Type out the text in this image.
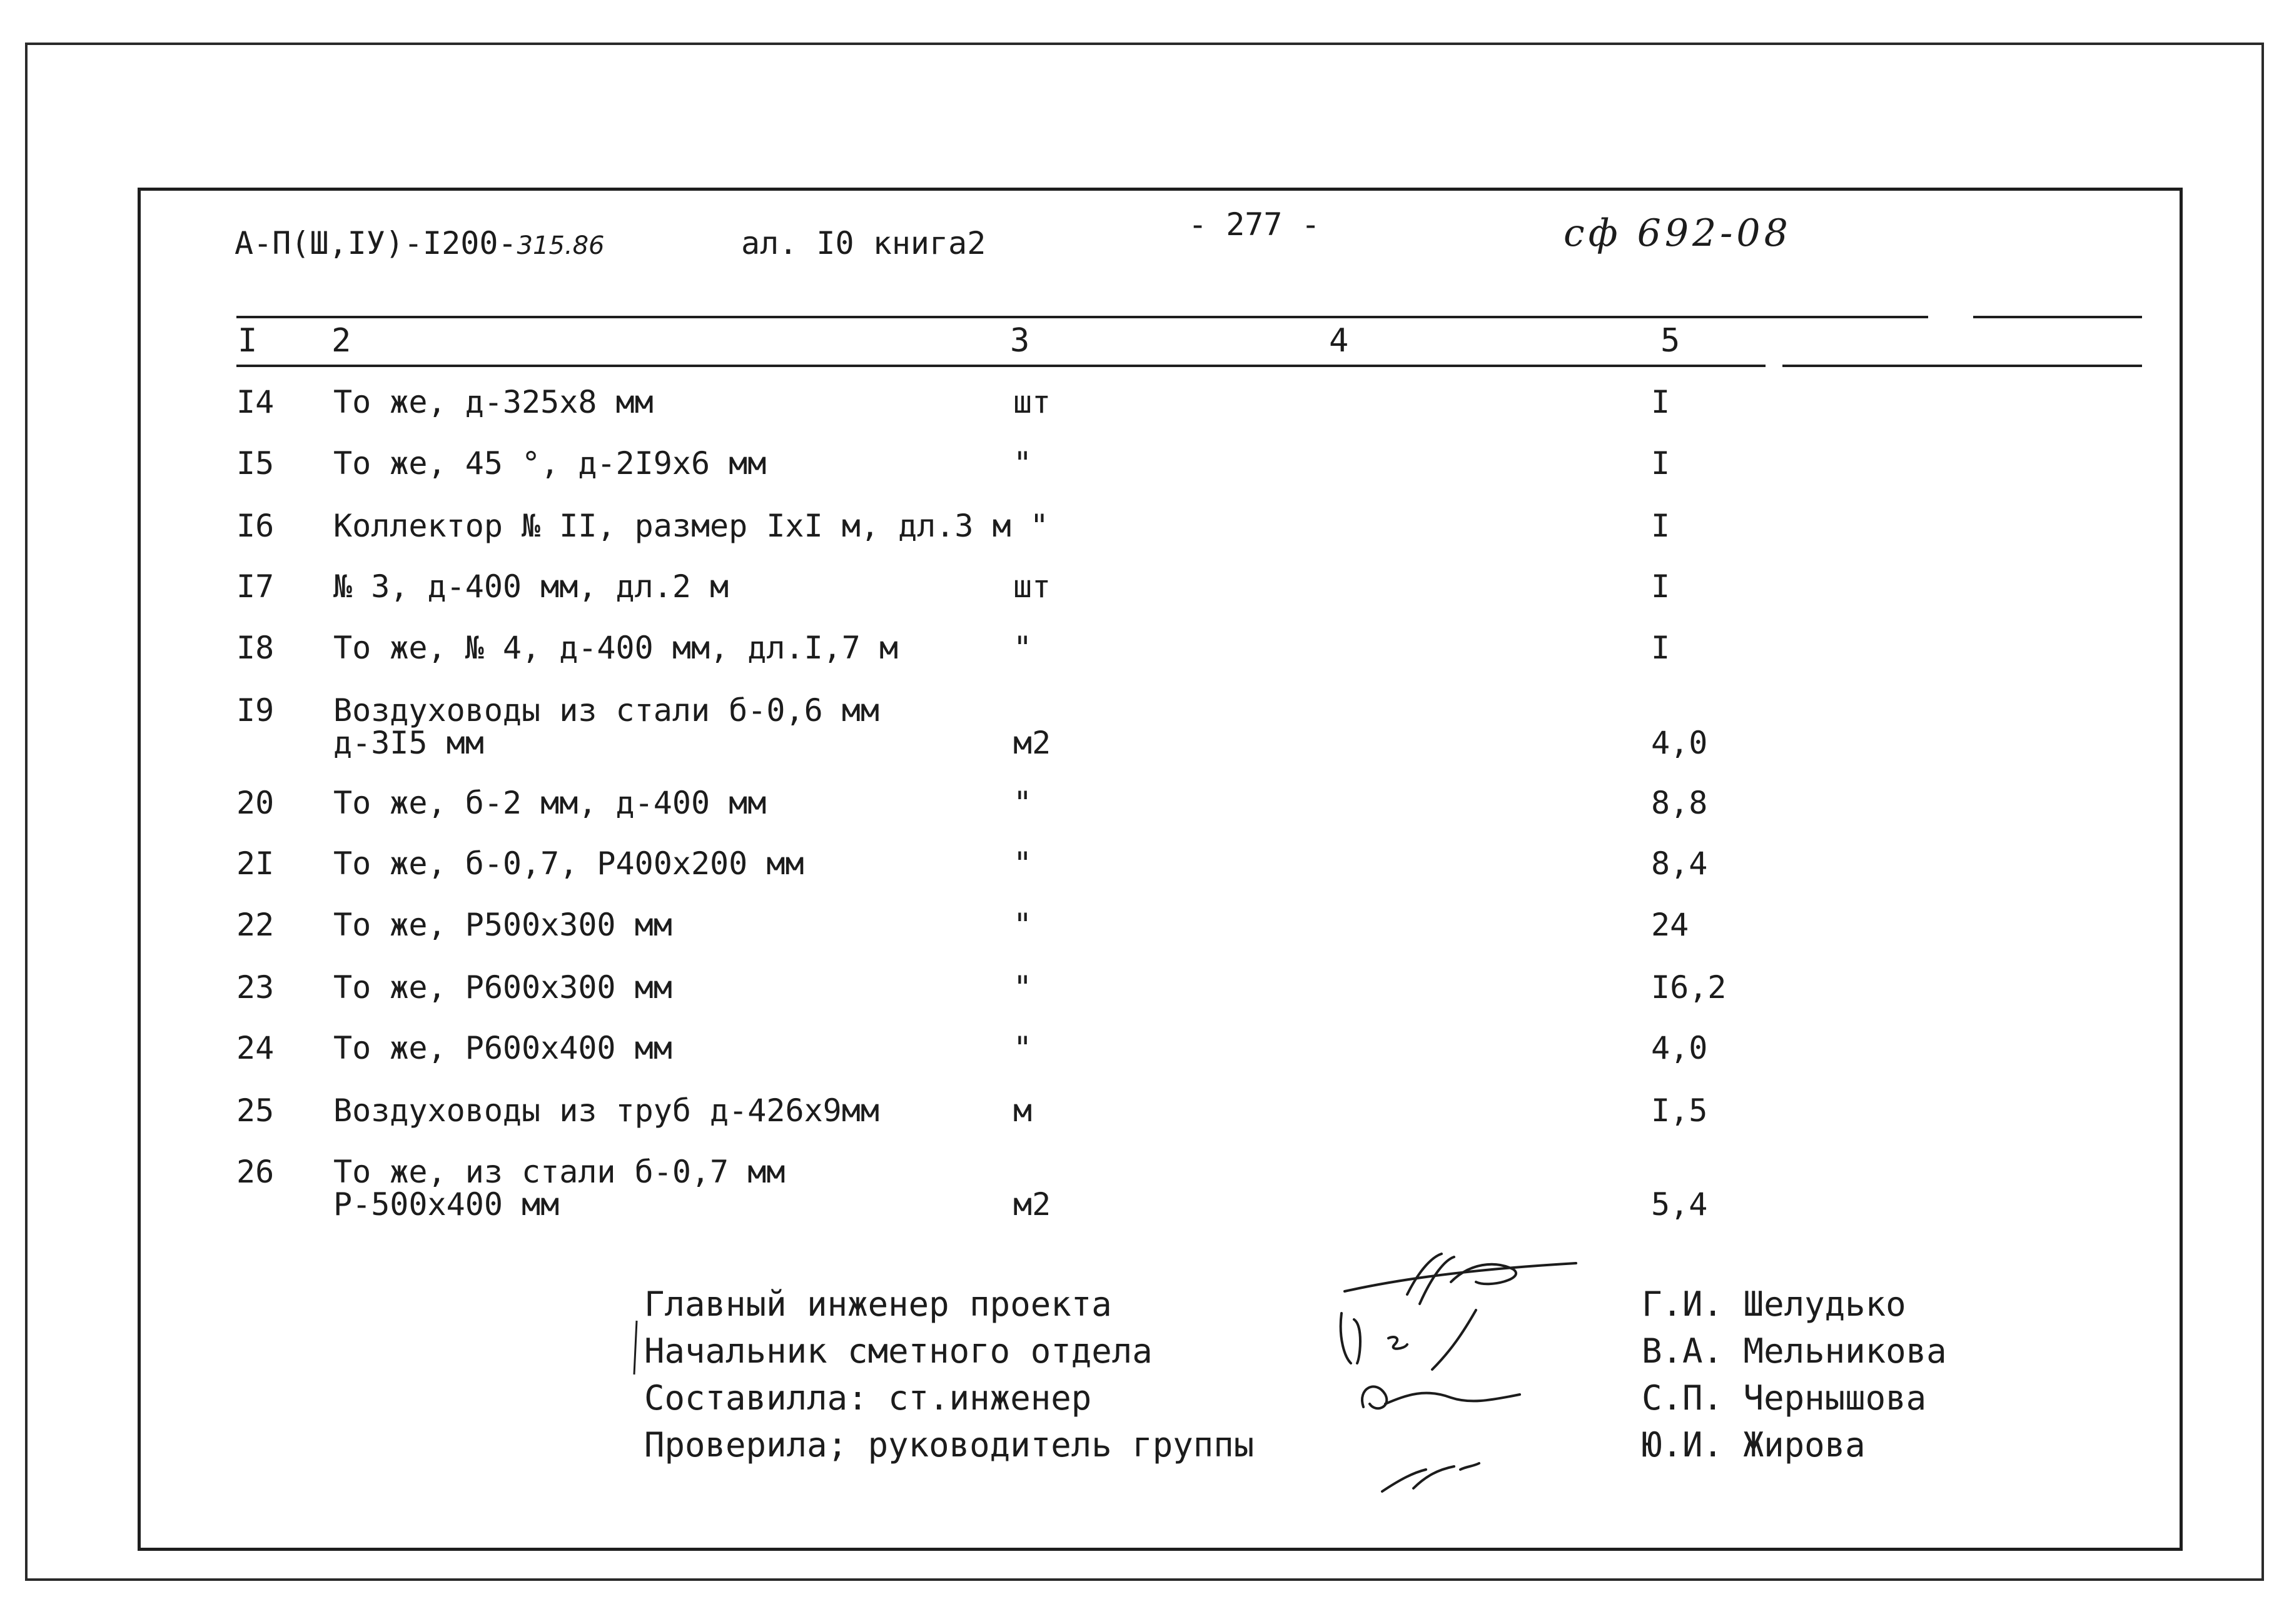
А-П(Ш,IУ)-I200-315.86	ал. I0 книга2
- 277 -	сф 692-08
I 2	3	4	5
I4 То же, д-325х8 мм	шт	I
I5 То же, 45 °, д-2I9х6 мм	"	I
I6 Коллектор № II, размер IхI м, дл.3 м "	I
I7 № 3, д-400 мм, дл.2 м	шт	I
I8 То же, № 4, д-400 мм, дл.I,7 м	"	I
I9 Воздуховоды из стали б-0,6 мм
д-3I5 мм	м2	4,0
20 То же, б-2 мм, д-400 мм	"	8,8
2I То же, б-0,7, Р400х200 мм	"	8,4
22 То же, Р500х300 мм	"	24
23 То же, Р600х300 мм	"	I6,2
24 То же, Р600х400 мм	"	4,0
25 Воздуховоды из труб д-426х9мм	м	I,5
26 То же, из стали б-0,7 мм
Р-500х400 мм	м2	5,4
Главный инженер проекта
Начальник сметного отдела
Составилла: ст.инженер
Проверила; руководитель группы
Г.И. Шелудько
В.А. Мельникова
С.П. Чернышова
Ю.И. Жирова
